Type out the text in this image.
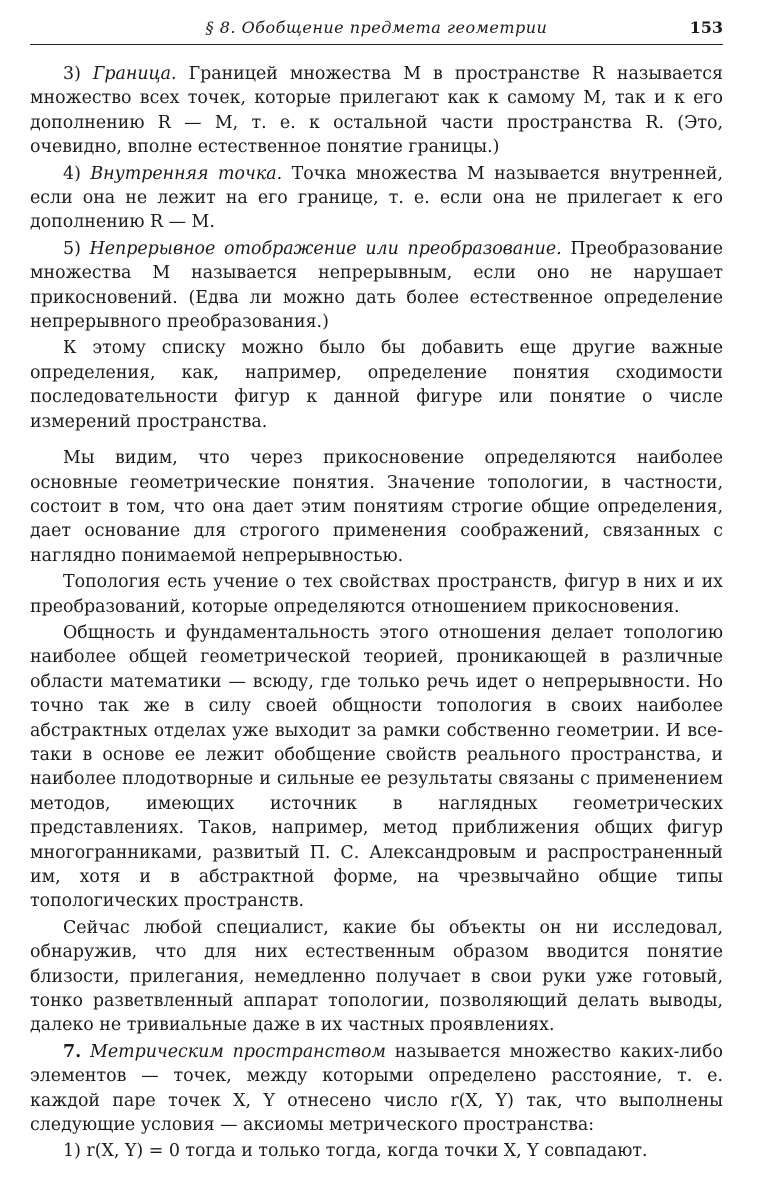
§ 8. Обобщение предмета геометрии	153

3) Граница. Границей множества M в пространстве R называется множество всех точек, которые прилегают как к самому M, так и к его дополнению R — M, т. е. к остальной части пространства R. (Это, очевидно, вполне естественное понятие границы.)

4) Внутренняя точка. Точка множества M называется внутренней, если она не лежит на его границе, т. е. если она не прилегает к его дополнению R — M.

5) Непрерывное отображение или преобразование. Преобразование множества M называется непрерывным, если оно не нарушает прикосновений. (Едва ли можно дать более естественное определение непрерывного преобразования.)

К этому списку можно было бы добавить еще другие важные определения, как, например, определение понятия сходимости последовательности фигур к данной фигуре или понятие о числе измерений пространства.

Мы видим, что через прикосновение определяются наиболее основные геометрические понятия. Значение топологии, в частности, состоит в том, что она дает этим понятиям строгие общие определения, дает основание для строгого применения соображений, связанных с наглядно понимаемой непрерывностью.

Топология есть учение о тех свойствах пространств, фигур в них и их преобразований, которые определяются отношением прикосновения.

Общность и фундаментальность этого отношения делает топологию наиболее общей геометрической теорией, проникающей в различные области математики — всюду, где только речь идет о непрерывности. Но точно так же в силу своей общности топология в своих наиболее абстрактных отделах уже выходит за рамки собственно геометрии. И все-таки в основе ее лежит обобщение свойств реального пространства, и наиболее плодотворные и сильные ее результаты связаны с применением методов, имеющих источник в наглядных геометрических представлениях. Таков, например, метод приближения общих фигур многогранниками, развитый П. С. Александровым и распространенный им, хотя и в абстрактной форме, на чрезвычайно общие типы топологических пространств.

Сейчас любой специалист, какие бы объекты он ни исследовал, обнаружив, что для них естественным образом вводится понятие близости, прилегания, немедленно получает в свои руки уже готовый, тонко разветвленный аппарат топологии, позволяющий делать выводы, далеко не тривиальные даже в их частных проявлениях.

7. Метрическим пространством называется множество каких-либо элементов — точек, между которыми определено расстояние, т. е. каждой паре точек X, Y отнесено число r(X, Y) так, что выполнены следующие условия — аксиомы метрического пространства:

1) r(X, Y) = 0 тогда и только тогда, когда точки X, Y совпадают.
